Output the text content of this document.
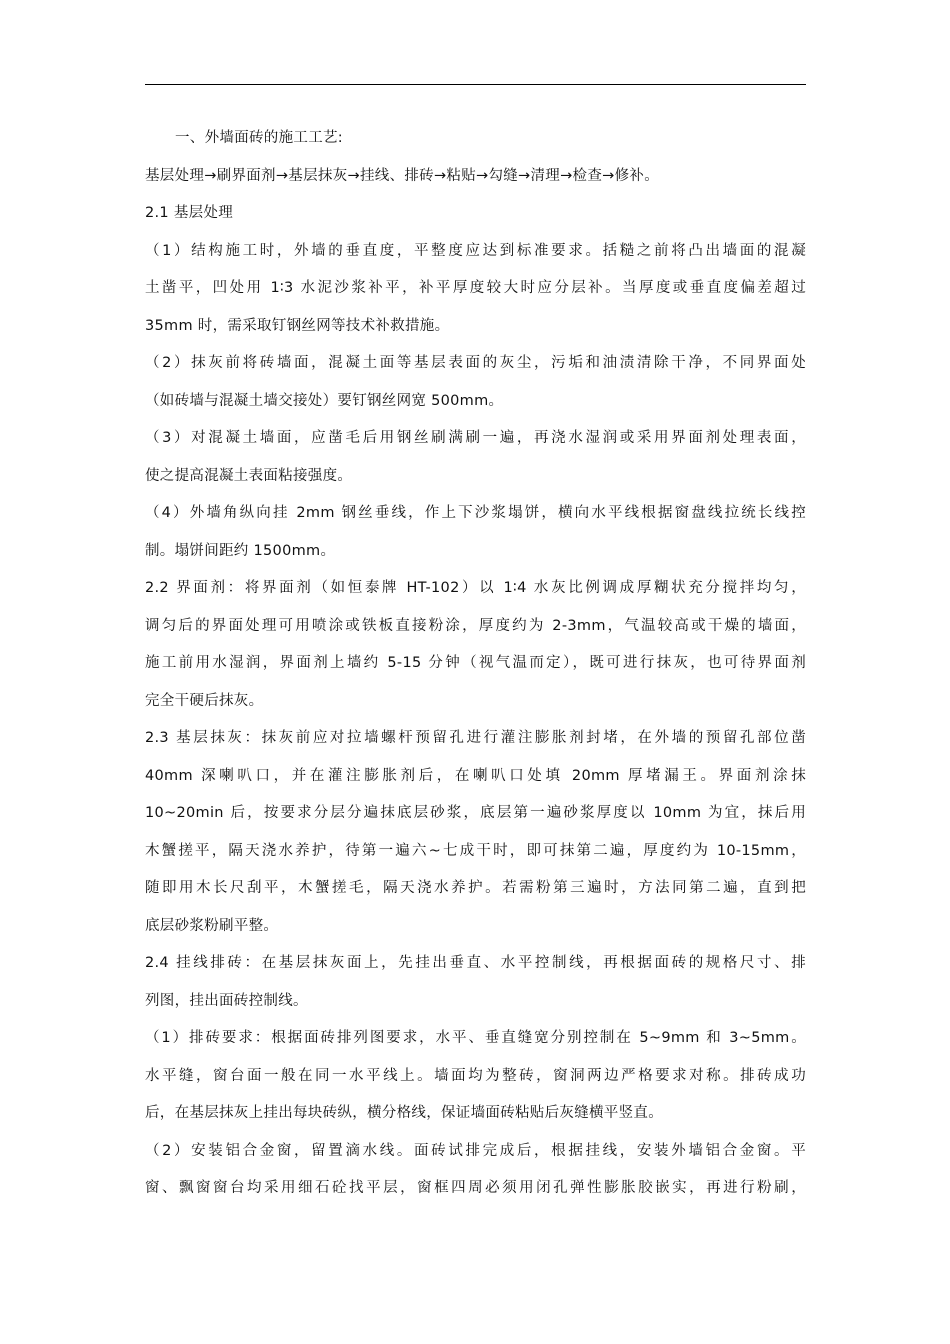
一、外墙面砖的施工工艺:
基层处理→刷界面剂→基层抹灰→挂线、排砖→粘贴→勾缝→清理→检查→修补。
2.1 基层处理
（1）结构施工时，外墙的垂直度，平整度应达到标准要求。括糙之前将凸出墙面的混凝
土凿平，凹处用 1∶3 水泥沙浆补平，补平厚度较大时应分层补。当厚度或垂直度偏差超过
35mm 时，需采取钉钢丝网等技术补救措施。
（2）抹灰前将砖墙面，混凝土面等基层表面的灰尘，污垢和油渍清除干净，不同界面处
（如砖墙与混凝土墙交接处）要钉钢丝网宽 500mm。
（3）对混凝土墙面，应凿毛后用钢丝刷满刷一遍，再浇水湿润或采用界面剂处理表面，
使之提高混凝土表面粘接强度。
（4）外墙角纵向挂 2mm 钢丝垂线，作上下沙浆塌饼，横向水平线根据窗盘线拉统长线控
制。塌饼间距约 1500mm。
2.2 界面剂：将界面剂（如恒泰牌 HT-102）以 1∶4 水灰比例调成厚糊状充分搅拌均匀，
调匀后的界面处理可用喷涂或铁板直接粉涂，厚度约为 2-3mm，气温较高或干燥的墙面，
施工前用水湿润，界面剂上墙约 5-15 分钟（视气温而定），既可进行抹灰，也可待界面剂
完全干硬后抹灰。
2.3 基层抹灰：抹灰前应对拉墙螺杆预留孔进行灌注膨胀剂封堵，在外墙的预留孔部位凿
40mm 深喇叭口，并在灌注膨胀剂后，在喇叭口处填 20mm 厚堵漏王。界面剂涂抹
10~20min 后，按要求分层分遍抹底层砂浆，底层第一遍砂浆厚度以 10mm 为宜，抹后用
木蟹搓平，隔天浇水养护，待第一遍六~七成干时，即可抹第二遍，厚度约为 10-15mm，
随即用木长尺刮平，木蟹搓毛，隔天浇水养护。若需粉第三遍时，方法同第二遍，直到把
底层砂浆粉刷平整。
2.4 挂线排砖：在基层抹灰面上，先挂出垂直、水平控制线，再根据面砖的规格尺寸、排
列图，挂出面砖控制线。
（1）排砖要求：根据面砖排列图要求，水平、垂直缝宽分别控制在 5~9mm 和 3~5mm。
水平缝，窗台面一般在同一水平线上。墙面均为整砖，窗洞两边严格要求对称。排砖成功
后，在基层抹灰上挂出每块砖纵，横分格线，保证墙面砖粘贴后灰缝横平竖直。
（2）安装铝合金窗，留置滴水线。面砖试排完成后，根据挂线，安装外墙铝合金窗。平
窗、飘窗窗台均采用细石砼找平层，窗框四周必须用闭孔弹性膨胀胶嵌实，再进行粉刷，
